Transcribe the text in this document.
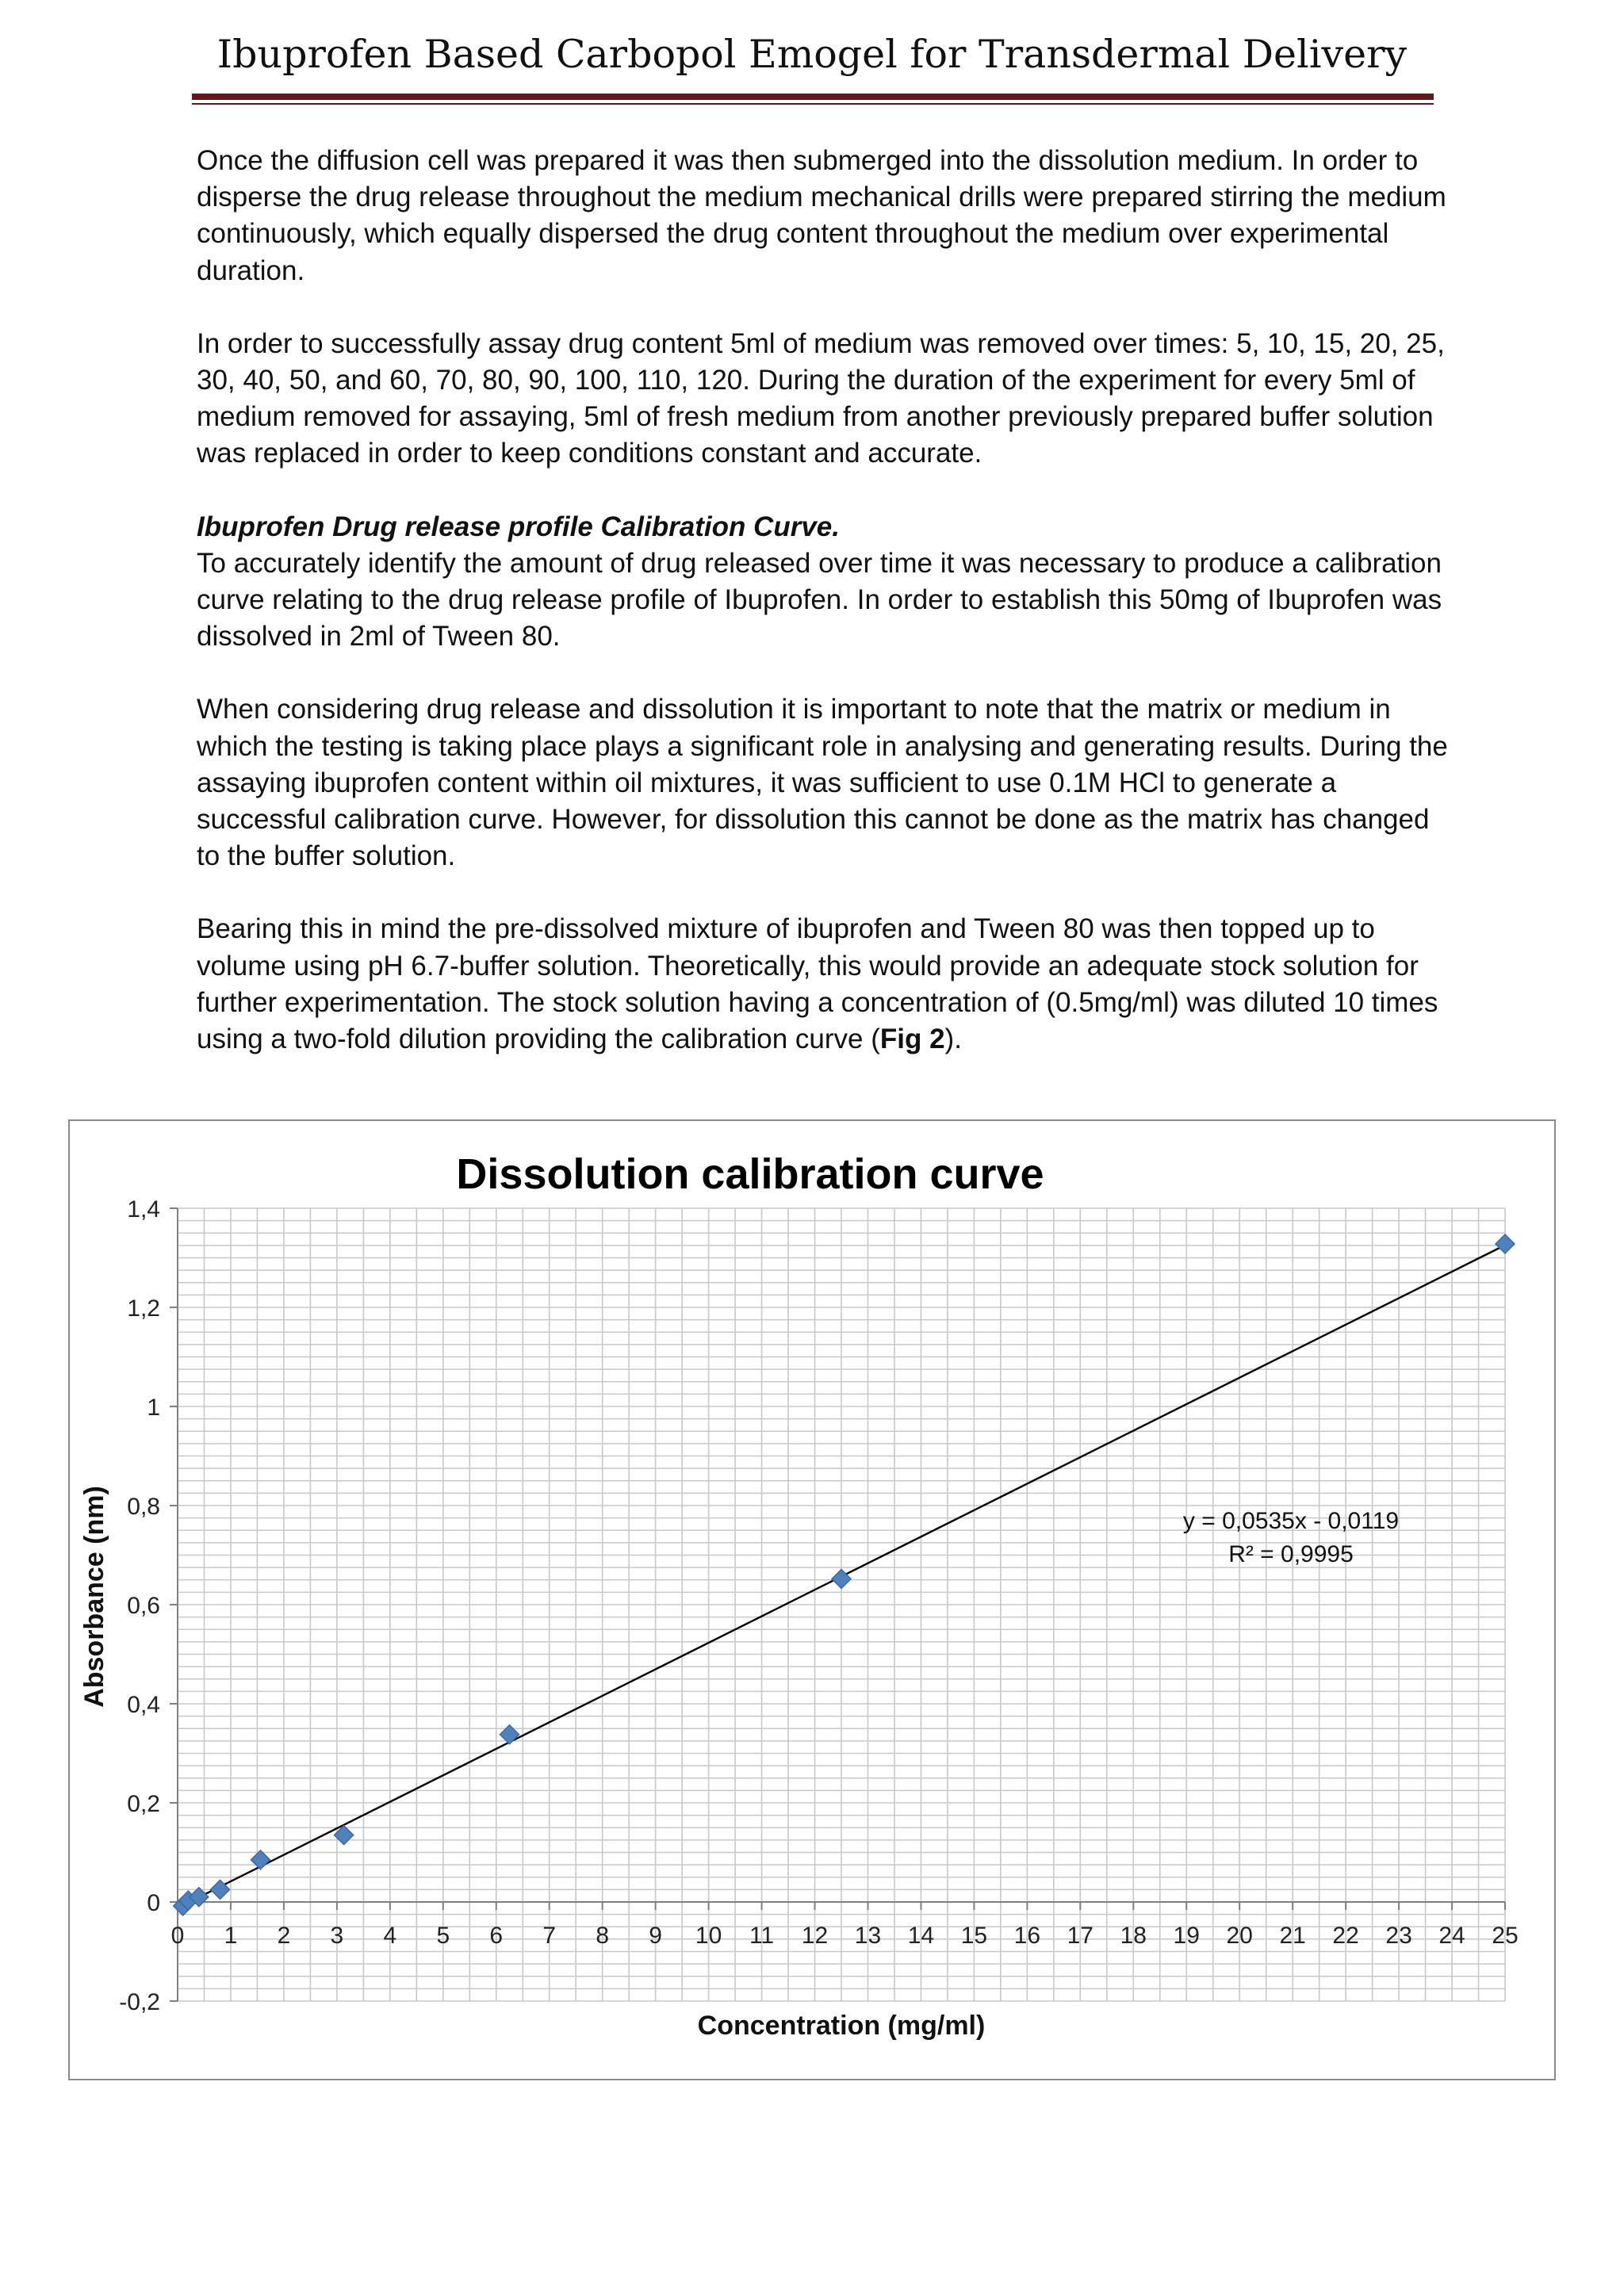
Ibuprofen Based Carbopol Emogel for Transdermal Delivery

Once the diffusion cell was prepared it was then submerged into the dissolution medium. In order to disperse the drug release throughout the medium mechanical drills were prepared stirring the medium continuously, which equally dispersed the drug content throughout the medium over experimental duration.

In order to successfully assay drug content 5ml of medium was removed over times: 5, 10, 15, 20, 25, 30, 40, 50, and 60, 70, 80, 90, 100, 110, 120. During the duration of the experiment for every 5ml of medium removed for assaying, 5ml of fresh medium from another previously prepared buffer solution was replaced in order to keep conditions constant and accurate.

Ibuprofen Drug release profile Calibration Curve.

To accurately identify the amount of drug released over time it was necessary to produce a calibration curve relating to the drug release profile of Ibuprofen. In order to establish this 50mg of Ibuprofen was dissolved in 2ml of Tween 80.

When considering drug release and dissolution it is important to note that the matrix or medium in which the testing is taking place plays a significant role in analysing and generating results. During the assaying ibuprofen content within oil mixtures, it was sufficient to use 0.1M HCl to generate a successful calibration curve. However, for dissolution this cannot be done as the matrix has changed to the buffer solution.

Bearing this in mind the pre-dissolved mixture of ibuprofen and Tween 80 was then topped up to volume using pH 6.7-buffer solution. Theoretically, this would provide an adequate stock solution for further experimentation. The stock solution having a concentration of (0.5mg/ml) was diluted 10 times using a two-fold dilution providing the calibration curve (Fig 2).

Dissolution calibration curve
-0,2
0
0,2
0,4
0,6
0,8
1
1,2
1,4
0 1 2 3 4 5 6 7 8 9 10 11 12 13 14 15 16 17 18 19 20 21 22 23 24 25
y = 0,0535x - 0,0119
R² = 0,9995
Concentration (mg/ml)
Absorbance (nm)
